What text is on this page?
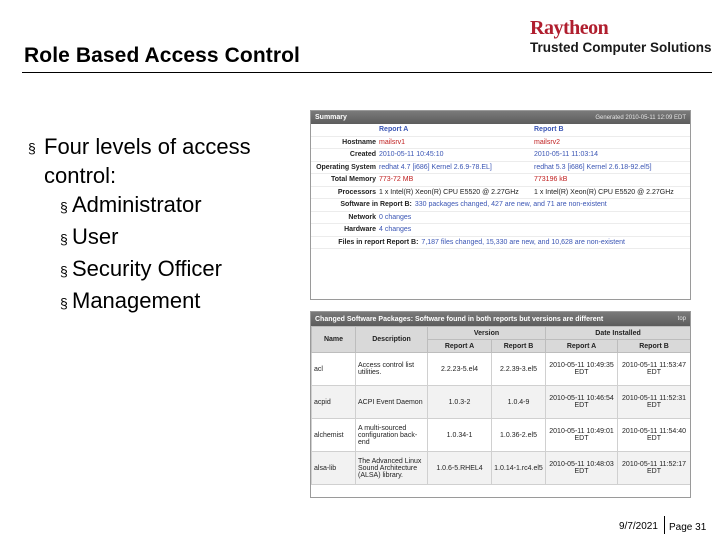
Role Based Access Control
Raytheon
Trusted Computer Solutions
§ Four levels of access control:
§ Administrator
§ User
§ Security Officer
§ Management
Summary	Generated 2010-05-11 12:09 EDT
Report A	Report B
Hostname mailsrv1	mailsrv2
Created 2010-05-11 10:45:10	2010-05-11 11:03:14
Operating System redhat 4.7 [i686] Kernel 2.6.9-78.EL]	redhat 5.3 [i686] Kernel 2.6.18-92.el5]
Total Memory 773-72 MB	773196 kB
Processors 1 x Intel(R) Xeon(R) CPU E5520 @ 2.27GHz	1 x Intel(R) Xeon(R) CPU E5520 @ 2.27GHz
Software in Report B: 330 packages changed, 427 are new, and 71 are non-existent
Network 0 changes
Hardware 4 changes
Files in report Report B: 7,187 files changed, 15,330 are new, and 10,628 are non-existent
Changed Software Packages: Software found in both reports but versions are different	top
Name	Description	Version		Date Installed	
		Report A	Report B	Report A	Report B
acl	Access control list utilities.	2.2.23-5.el4	2.2.39-3.el5	2010-05-11 10:49:35 EDT	2010-05-11 11:53:47 EDT
acpid	ACPI Event Daemon	1.0.3-2	1.0.4-9	2010-05-11 10:46:54 EDT	2010-05-11 11:52:31 EDT
alchemist	A multi-sourced configuration back-end	1.0.34-1	1.0.36-2.el5	2010-05-11 10:49:01 EDT	2010-05-11 11:54:40 EDT
alsa-lib	The Advanced Linux Sound Architecture (ALSA) library.	1.0.6-5.RHEL4	1.0.14-1.rc4.el5	2010-05-11 10:48:03 EDT	2010-05-11 11:52:17 EDT
9/7/2021 Page 31
